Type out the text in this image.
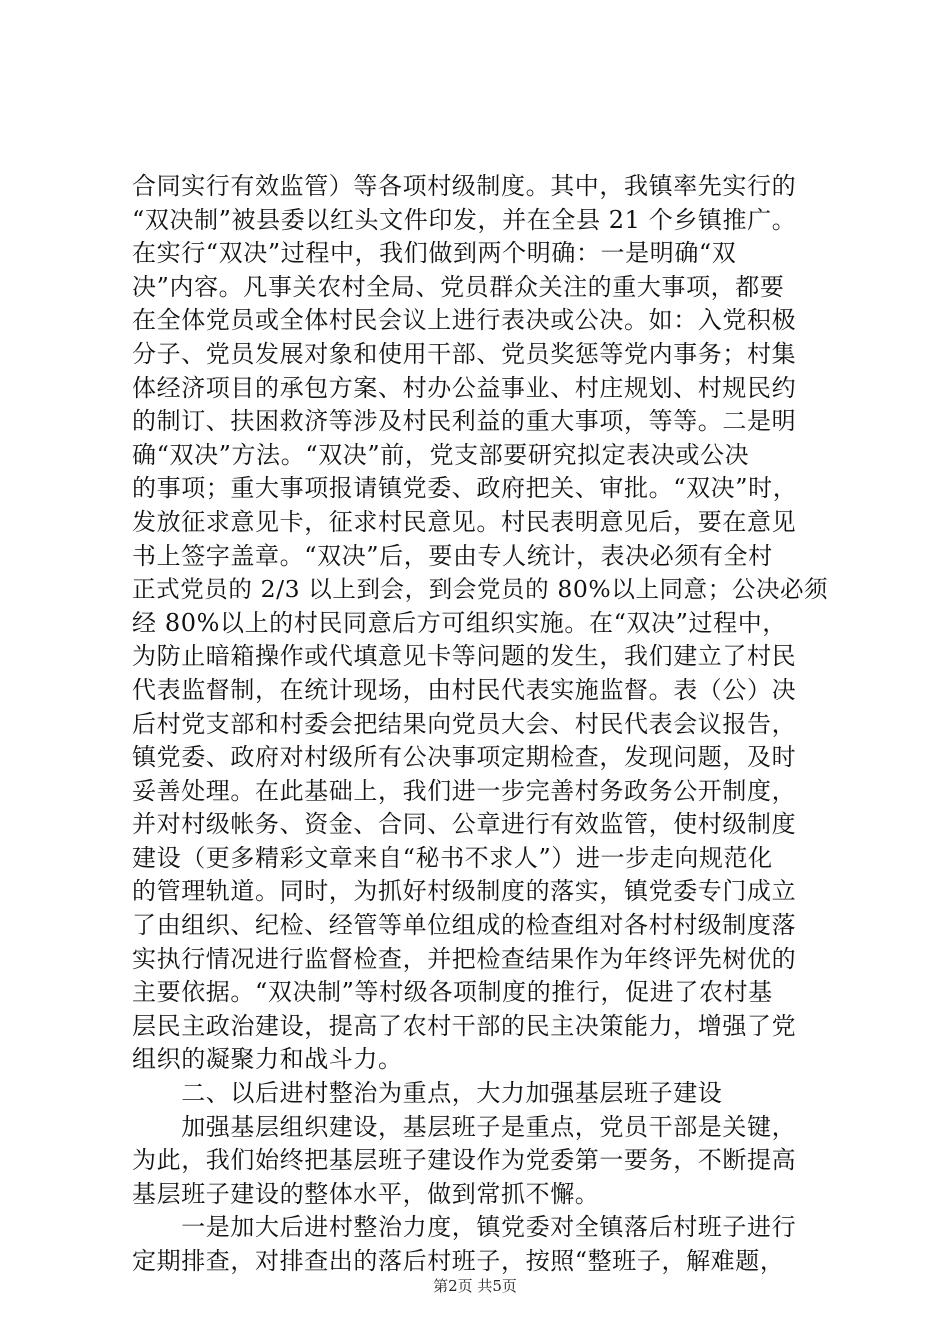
合同实行有效监管）等各项村级制度。其中，我镇率先实行的
“双决制”被县委以红头文件印发，并在全县 21 个乡镇推广。
在实行“双决”过程中，我们做到两个明确：一是明确“双
决”内容。凡事关农村全局、党员群众关注的重大事项，都要
在全体党员或全体村民会议上进行表决或公决。如：入党积极
分子、党员发展对象和使用干部、党员奖惩等党内事务；村集
体经济项目的承包方案、村办公益事业、村庄规划、村规民约
的制订、扶困救济等涉及村民利益的重大事项，等等。二是明
确“双决”方法。“双决”前，党支部要研究拟定表决或公决
的事项；重大事项报请镇党委、政府把关、审批。“双决”时，
发放征求意见卡，征求村民意见。村民表明意见后，要在意见
书上签字盖章。“双决”后，要由专人统计，表决必须有全村
正式党员的 2/3 以上到会，到会党员的 80%以上同意；公决必须
经 80%以上的村民同意后方可组织实施。在“双决”过程中，
为防止暗箱操作或代填意见卡等问题的发生，我们建立了村民
代表监督制，在统计现场，由村民代表实施监督。表（公）决
后村党支部和村委会把结果向党员大会、村民代表会议报告，
镇党委、政府对村级所有公决事项定期检查，发现问题，及时
妥善处理。在此基础上，我们进一步完善村务政务公开制度，
并对村级帐务、资金、合同、公章进行有效监管，使村级制度
建设（更多精彩文章来自“秘书不求人”）进一步走向规范化
的管理轨道。同时，为抓好村级制度的落实，镇党委专门成立
了由组织、纪检、经管等单位组成的检查组对各村村级制度落
实执行情况进行监督检查，并把检查结果作为年终评先树优的
主要依据。“双决制”等村级各项制度的推行，促进了农村基
层民主政治建设，提高了农村干部的民主决策能力，增强了党
组织的凝聚力和战斗力。
　　二、以后进村整治为重点，大力加强基层班子建设
　　加强基层组织建设，基层班子是重点，党员干部是关键，
为此，我们始终把基层班子建设作为党委第一要务，不断提高
基层班子建设的整体水平，做到常抓不懈。
　　一是加大后进村整治力度，镇党委对全镇落后村班子进行
定期排查，对排查出的落后村班子，按照“整班子，解难题，
第2页 共5页
